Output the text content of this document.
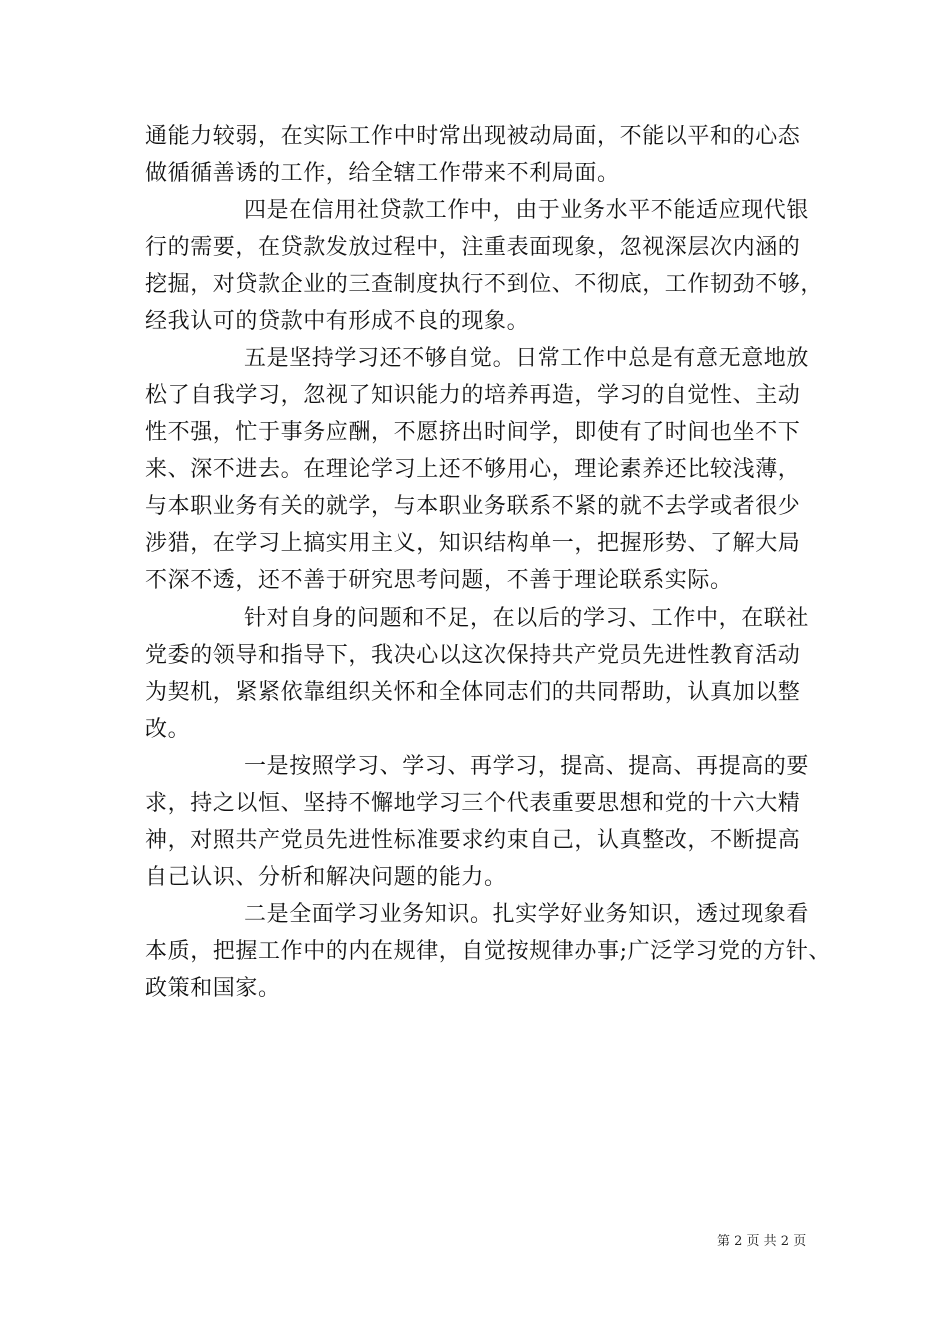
通能力较弱，在实际工作中时常出现被动局面，不能以平和的心态
做循循善诱的工作，给全辖工作带来不利局面。
四是在信用社贷款工作中，由于业务水平不能适应现代银
行的需要，在贷款发放过程中，注重表面现象，忽视深层次内涵的
挖掘，对贷款企业的三查制度执行不到位、不彻底，工作韧劲不够，
经我认可的贷款中有形成不良的现象。
五是坚持学习还不够自觉。日常工作中总是有意无意地放
松了自我学习，忽视了知识能力的培养再造，学习的自觉性、主动
性不强，忙于事务应酬，不愿挤出时间学，即使有了时间也坐不下
来、深不进去。在理论学习上还不够用心，理论素养还比较浅薄，
与本职业务有关的就学，与本职业务联系不紧的就不去学或者很少
涉猎，在学习上搞实用主义，知识结构单一，把握形势、了解大局
不深不透，还不善于研究思考问题，不善于理论联系实际。
针对自身的问题和不足，在以后的学习、工作中，在联社
党委的领导和指导下，我决心以这次保持共产党员先进性教育活动
为契机，紧紧依靠组织关怀和全体同志们的共同帮助，认真加以整
改。
一是按照学习、学习、再学习，提高、提高、再提高的要
求，持之以恒、坚持不懈地学习三个代表重要思想和党的十六大精
神，对照共产党员先进性标准要求约束自己，认真整改，不断提高
自己认识、分析和解决问题的能力。
二是全面学习业务知识。扎实学好业务知识，透过现象看
本质，把握工作中的内在规律，自觉按规律办事;广泛学习党的方针、
政策和国家。
第 2 页 共 2 页
